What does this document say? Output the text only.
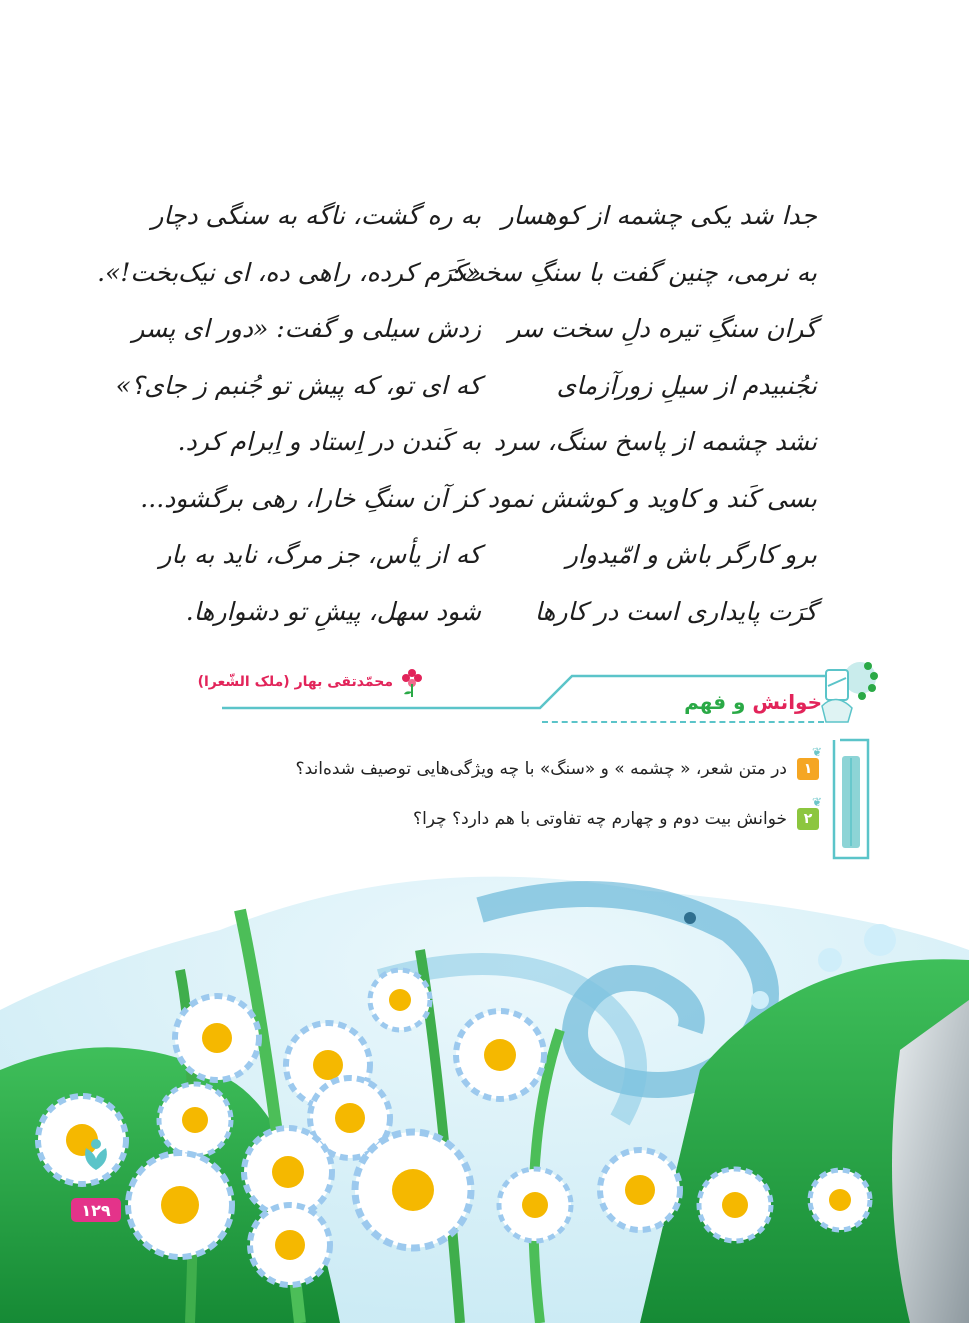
جدا شد یکی چشمه از کوهسار
به نرمی، چنین گفت با سنگِ سخت:
گران سنگِ تیره دلِ سخت سر
نجُنبیدم از سیلِ زورآزمای
نشد چشمه از پاسخ سنگ، سرد
بسی کَند و کاوید و کوشش نمود
برو کارگر باش و امّیدوار
گرَت پایداری است در کارها
به ره گشت، ناگه به سنگی دچار
«کَرَم کرده، راهی ده، ای نیک‌بخت!».
زدش سیلی و گفت: «دور ای پسر
که ای تو، که پیش تو جُنبم ز جای؟»
به کَندن در اِستاد و اِبرام کرد.
کز آن سنگِ خارا، رهی برگشود...
که از یأس، جز مرگ، ناید به بار
شود سهل، پیشِ تو دشوارها.
محمّدتقی بهار (ملک الشّعرا)
خوانش و فهم
۱
❦
در متن شعر، « چشمه » و «سنگ» با چه ویژگی‌هایی توصیف شده‌اند؟
۲
❦
خوانش بیت دوم و چهارم چه تفاوتی با هم دارد؟ چرا؟
۱۲۹
